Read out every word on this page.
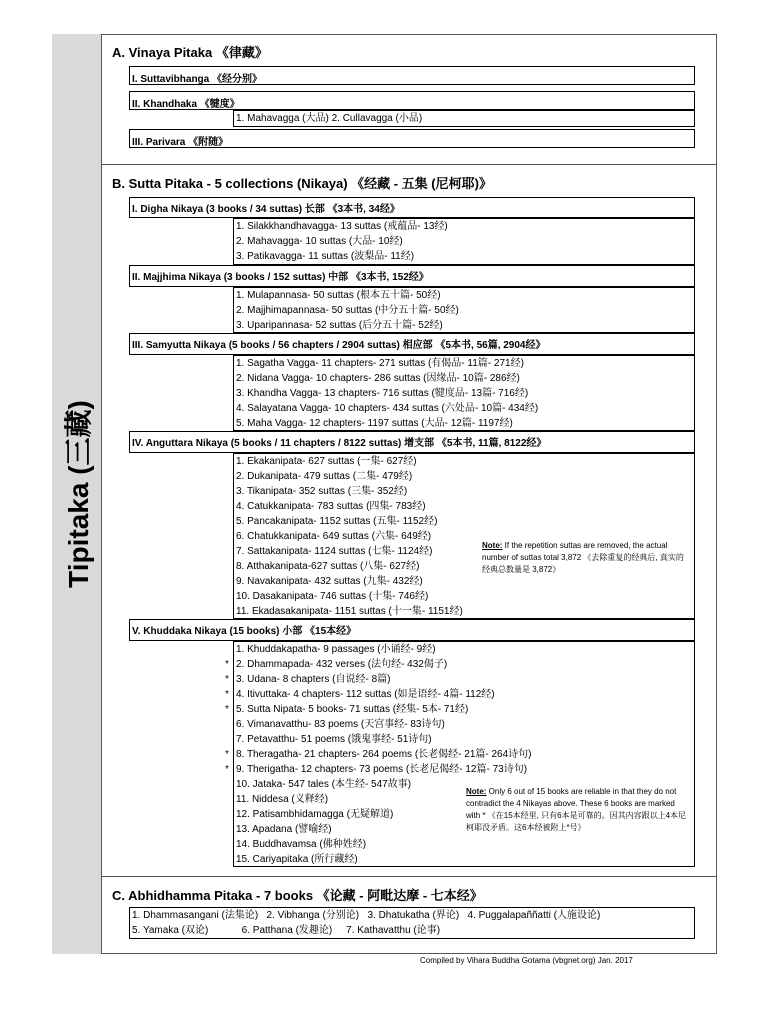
Tipitaka (三藏)
A. Vinaya Pitaka 《律藏》
I. Suttavibhanga 《经分别》
II. Khandhaka 《犍度》
1. Mahavagga (大品) 2. Cullavagga (小品)
III. Parivara 《附随》
B. Sutta Pitaka - 5 collections (Nikaya) 《经藏 - 五集 (尼柯耶)》
I. Digha Nikaya (3 books / 34 suttas) 长部 《3本书, 34经》
1. Silakkhandhavagga- 13 suttas (戒蕴品- 13经)
2. Mahavagga- 10 suttas (大品- 10经)
3. Patikavagga- 11 suttas (波梨品- 11经)
II. Majjhima Nikaya (3 books / 152 suttas) 中部 《3本书, 152经》
1. Mulapannasa- 50 suttas (根本五十篇- 50经)
2. Majjhimapannasa- 50 suttas (中分五十篇- 50经)
3. Uparipannasa- 52 suttas (后分五十篇- 52经)
III. Samyutta Nikaya (5 books / 56 chapters / 2904 suttas) 相应部 《5本书, 56篇, 2904经》
1. Sagatha Vagga- 11 chapters- 271 suttas (有偈品- 11篇- 271经)
2. Nidana Vagga- 10 chapters- 286 suttas (因缘品- 10篇- 286经)
3. Khandha Vagga- 13 chapters- 716 suttas (犍度品- 13篇- 716经)
4. Salayatana Vagga- 10 chapters- 434 suttas (六处品- 10篇- 434经)
5. Maha Vagga- 12 chapters- 1197 suttas (大品- 12篇- 1197经)
IV. Anguttara Nikaya (5 books / 11 chapters / 8122 suttas) 增支部 《5本书, 11篇, 8122经》
1. Ekakanipata- 627 suttas (一集- 627经)
2. Dukanipata- 479 suttas (二集- 479经)
3. Tikanipata- 352 suttas (三集- 352经)
4. Catukkanipata- 783 suttas (四集- 783经)
5. Pancakanipata- 1152 suttas (五集- 1152经)
6. Chatukkanipata- 649 suttas (六集- 649经)
7. Sattakanipata- 1124 suttas (七集- 1124经)
8. Atthakanipata-627 suttas (八集- 627经)
9. Navakanipata- 432 suttas (九集- 432经)
10. Dasakanipata- 746 suttas (十集- 746经)
11. Ekadasakanipata- 1151 suttas (十一集- 1151经)
Note: If the repetition suttas are removed, the actual number of suttas total 3,872 《去除重复的经典后, 真实的经典总数量是 3,872》
V. Khuddaka Nikaya (15 books) 小部 《15本经》
1. Khuddakapatha- 9 passages (小诵经- 9经)
* 2. Dhammapada- 432 verses (法句经- 432偈子)
* 3. Udana- 8 chapters (自说经- 8篇)
* 4. Itivuttaka- 4 chapters- 112 suttas (如是语经- 4篇- 112经)
* 5. Sutta Nipata- 5 books- 71 suttas (经集- 5本- 71经)
6. Vimanavatthu- 83 poems (天宫事经- 83诗句)
7. Petavatthu- 51 poems (饿鬼事经- 51诗句)
* 8. Theragatha- 21 chapters- 264 poems (长老偈经- 21篇- 264诗句)
* 9. Therigatha- 12 chapters- 73 poems (长老尼偈经- 12篇- 73诗句)
10. Jataka- 547 tales (本生经- 547故事)
11. Niddesa (义释经)
12. Patisambhidamagga (无疑解道)
13. Apadana (譬喻经)
14. Buddhavamsa (佛种姓经)
15. Cariyapitaka (所行藏经)
Note: Only 6 out of 15 books are reliable in that they do not contradict the 4 Nikayas above. These 6 books are marked with * 《在15本经里, 只有6本是可靠的。因其内容跟以上4本尼柯耶没矛盾。这6本经被附上*号》
C. Abhidhamma Pitaka - 7 books 《论藏 - 阿毗达摩 - 七本经》
1. Dhammasangani (法集论)   2. Vibhanga (分别论)   3. Dhatukatha (界论)   4. Puggalapaññatti (人施设论)
5. Yamaka (双论)            6. Patthana (发趣论)     7. Kathavatthu (论事)
Compiled by Vihara Buddha Gotama (vbgnet.org) Jan. 2017
